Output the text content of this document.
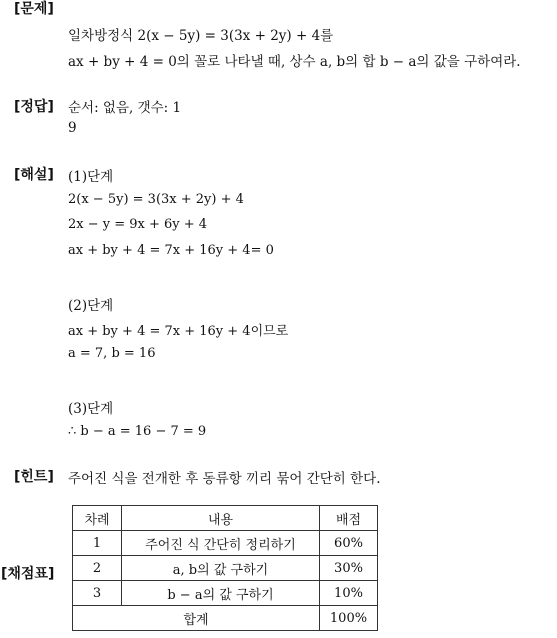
[문제]
일차방정식 2(x − 5y) = 3(3x + 2y) + 4를
ax + by + 4 = 0의 꼴로 나타낼 때, 상수 a, b의 합 b − a의 값을 구하여라.
[정답] 순서: 없음, 갯수: 1
9
[해설] (1)단계
2(x − 5y) = 3(3x + 2y) + 4
2x − y = 9x + 6y + 4
ax + by + 4 = 7x + 16y + 4= 0
(2)단계
ax + by + 4 = 7x + 16y + 4이므로
a = 7, b = 16
(3)단계
∴ b − a = 16 − 7 = 9
[힌트] 주어진 식을 전개한 후 동류항 끼리 묶어 간단히 한다.
[채점표]
차례	내용	배점
1	주어진 식 간단히 정리하기	60%
2	a, b의 값 구하기	30%
3	b − a의 값 구하기	10%
합계		100%
